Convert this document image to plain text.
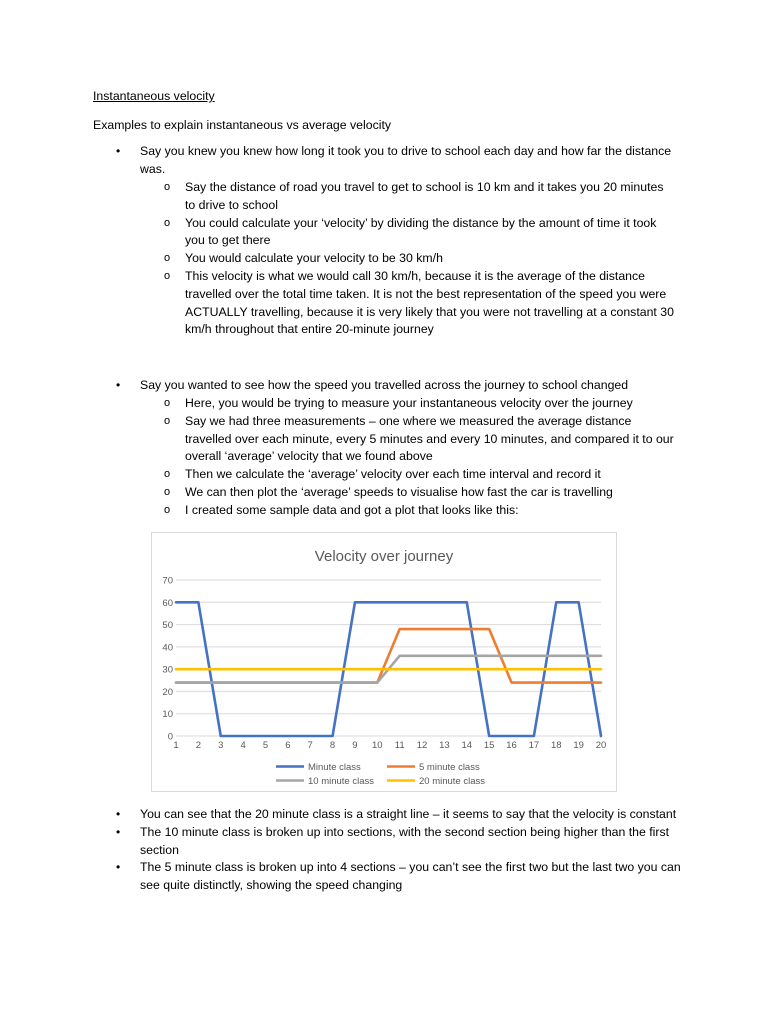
Instantaneous velocity
Examples to explain instantaneous vs average velocity
• Say you knew you knew how long it took you to drive to school each day and how far the distance was.
o Say the distance of road you travel to get to school is 10 km and it takes you 20 minutes to drive to school
o You could calculate your ‘velocity’ by dividing the distance by the amount of time it took you to get there
o You would calculate your velocity to be 30 km/h
o This velocity is what we would call 30 km/h, because it is the average of the distance travelled over the total time taken. It is not the best representation of the speed you were ACTUALLY travelling, because it is very likely that you were not travelling at a constant 30 km/h throughout that entire 20-minute journey
• Say you wanted to see how the speed you travelled across the journey to school changed
o Here, you would be trying to measure your instantaneous velocity over the journey
o Say we had three measurements – one where we measured the average distance travelled over each minute, every 5 minutes and every 10 minutes, and compared it to our overall ‘average’ velocity that we found above
o Then we calculate the ‘average’ velocity over each time interval and record it
o We can then plot the ‘average’ speeds to visualise how fast the car is travelling
o I created some sample data and got a plot that looks like this:
Velocity over journey
0
10
20
30
40
50
60
70
1 2 3 4 5 6 7 8 9 10 11 12 13 14 15 16 17 18 19 20
Minute class	5 minute class
10 minute class	20 minute class
• You can see that the 20 minute class is a straight line – it seems to say that the velocity is constant
• The 10 minute class is broken up into sections, with the second section being higher than the first section
• The 5 minute class is broken up into 4 sections – you can’t see the first two but the last two you can see quite distinctly, showing the speed changing
